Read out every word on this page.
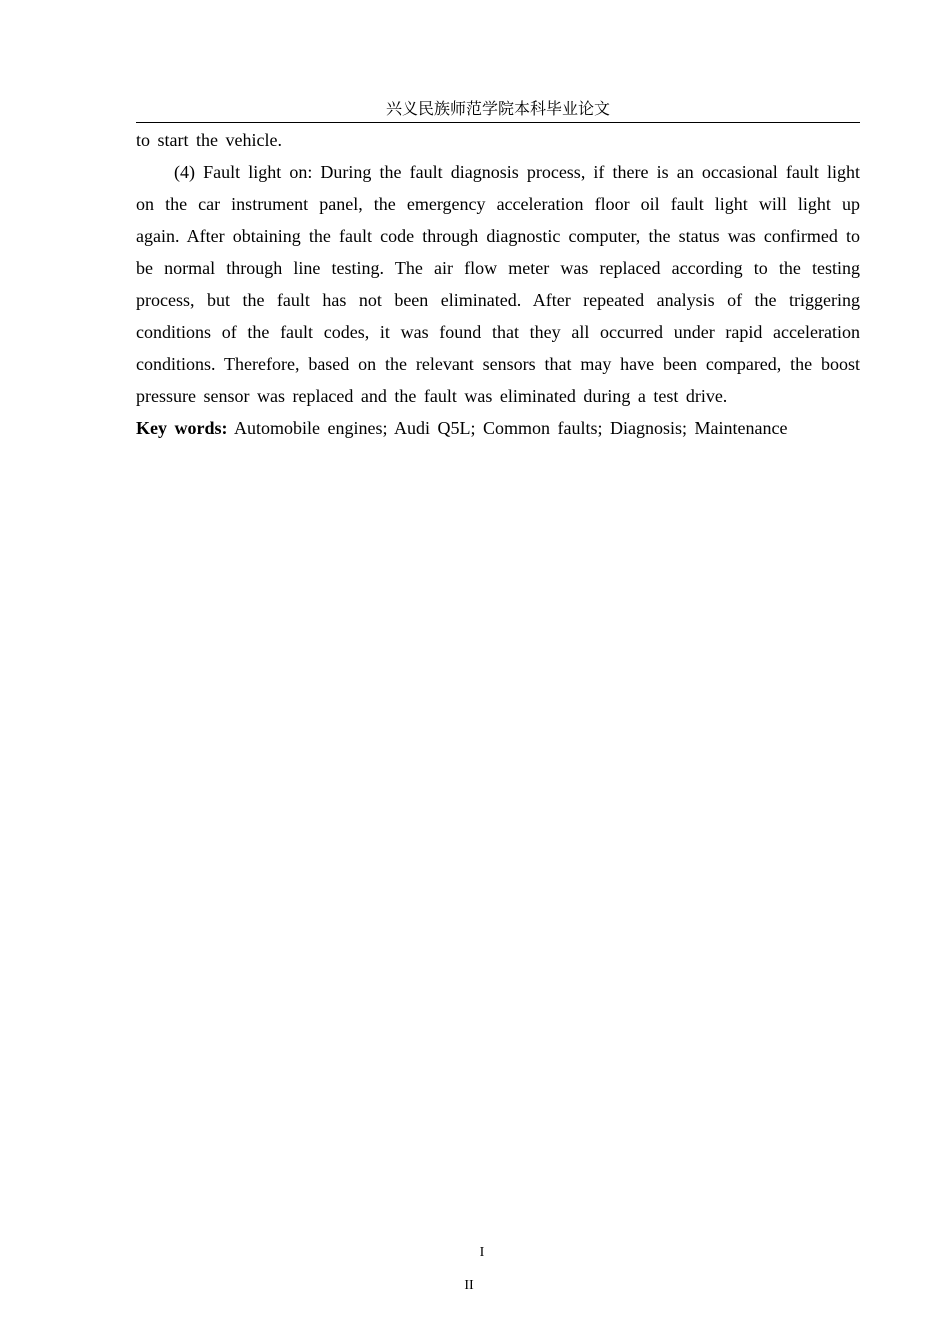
兴义民族师范学院本科毕业论文

to start the vehicle.

(4) Fault light on: During the fault diagnosis process, if there is an occasional fault light on the car instrument panel, the emergency acceleration floor oil fault light will light up again. After obtaining the fault code through diagnostic computer, the status was confirmed to be normal through line testing. The air flow meter was replaced according to the testing process, but the fault has not been eliminated. After repeated analysis of the triggering conditions of the fault codes, it was found that they all occurred under rapid acceleration conditions. Therefore, based on the relevant sensors that may have been compared, the boost pressure sensor was replaced and the fault was eliminated during a test drive.

Key words: Automobile engines; Audi Q5L; Common faults; Diagnosis; Maintenance

I
II
